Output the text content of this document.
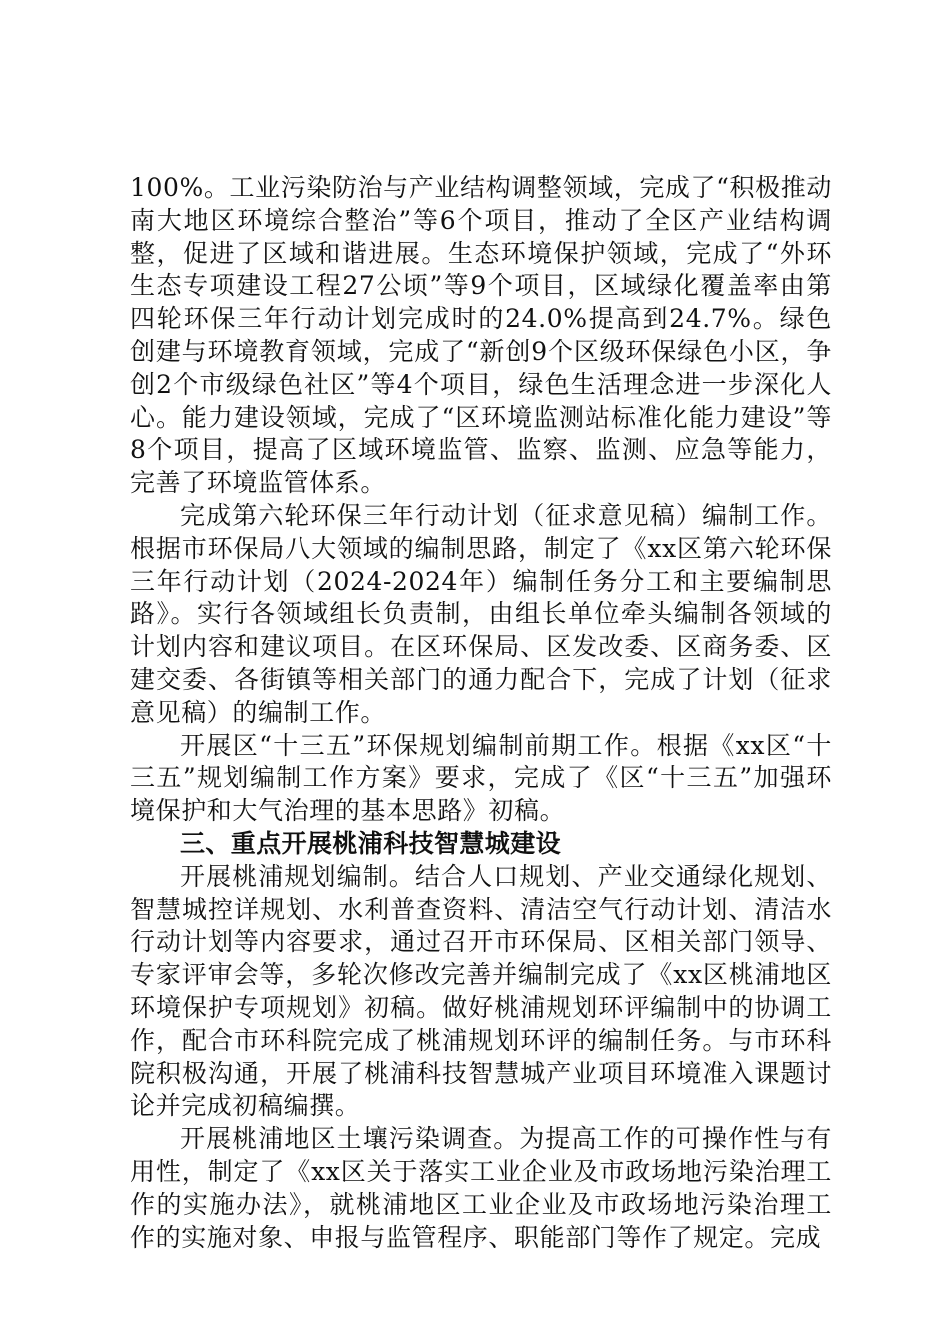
100%。工业污染防治与产业结构调整领域，完成了“积极推动南大地区环境综合整治”等6个项目，推动了全区产业结构调整，促进了区域和谐进展。生态环境保护领域，完成了“外环生态专项建设工程27公顷”等9个项目，区域绿化覆盖率由第四轮环保三年行动计划完成时的24.0%提高到24.7%。绿色创建与环境教育领域，完成了“新创9个区级环保绿色小区，争创2个市级绿色社区”等4个项目，绿色生活理念进一步深化人心。能力建设领域，完成了“区环境监测站标准化能力建设”等8个项目，提高了区域环境监管、监察、监测、应急等能力，完善了环境监管体系。

完成第六轮环保三年行动计划（征求意见稿）编制工作。根据市环保局八大领域的编制思路，制定了《xx区第六轮环保三年行动计划（2024-2024年）编制任务分工和主要编制思路》。实行各领域组长负责制，由组长单位牵头编制各领域的计划内容和建议项目。在区环保局、区发改委、区商务委、区建交委、各街镇等相关部门的通力配合下，完成了计划（征求意见稿）的编制工作。

开展区“十三五”环保规划编制前期工作。根据《xx区“十三五”规划编制工作方案》要求，完成了《区“十三五”加强环境保护和大气治理的基本思路》初稿。

三、重点开展桃浦科技智慧城建设

开展桃浦规划编制。结合人口规划、产业交通绿化规划、智慧城控详规划、水利普查资料、清洁空气行动计划、清洁水行动计划等内容要求，通过召开市环保局、区相关部门领导、专家评审会等，多轮次修改完善并编制完成了《xx区桃浦地区环境保护专项规划》初稿。做好桃浦规划环评编制中的协调工作，配合市环科院完成了桃浦规划环评的编制任务。与市环科院积极沟通，开展了桃浦科技智慧城产业项目环境准入课题讨论并完成初稿编撰。

开展桃浦地区土壤污染调查。为提高工作的可操作性与有用性，制定了《xx区关于落实工业企业及市政场地污染治理工作的实施办法》，就桃浦地区工业企业及市政场地污染治理工作的实施对象、申报与监管程序、职能部门等作了规定。完成
